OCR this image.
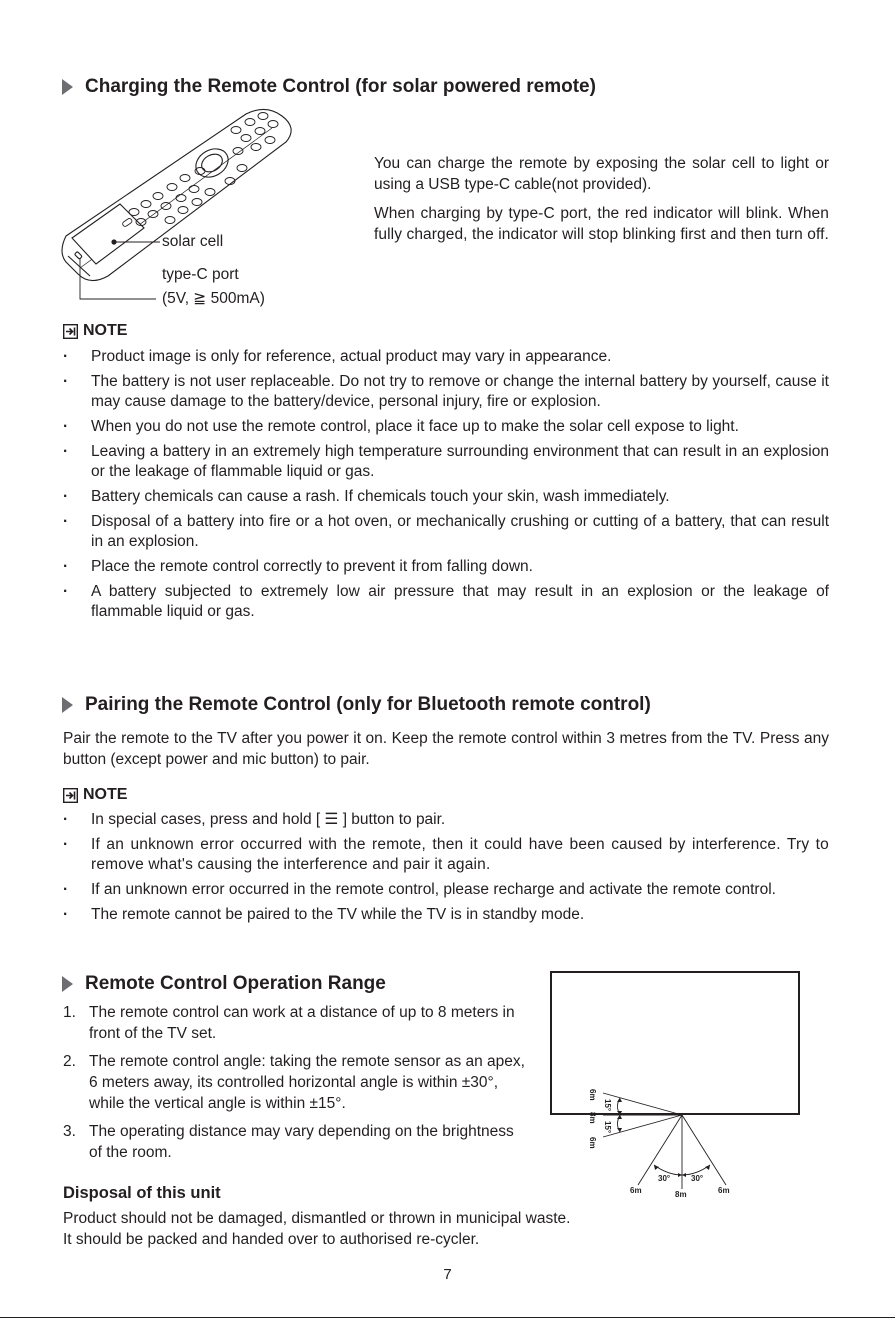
Charging the Remote Control (for solar powered remote)
solar cell
type-C port
(5V, ≧ 500mA)
You can charge the remote by exposing the solar cell to light or using a USB type-C cable(not provided).
When charging by type-C port, the red indicator will blink. When fully charged, the indicator will stop blinking first and then turn off.
NOTE
· Product image is only for reference, actual product may vary in appearance.
· The battery is not user replaceable. Do not try to remove or change the internal battery by yourself, cause it may cause damage to the battery/device, personal injury, fire or explosion.
· When you do not use the remote control, place it face up to make the solar cell expose to light.
· Leaving a battery in an extremely high temperature surrounding environment that can result in an explosion or the leakage of flammable liquid or gas.
· Battery chemicals can cause a rash. If chemicals touch your skin, wash immediately.
· Disposal of a battery into fire or a hot oven, or mechanically crushing or cutting of a battery, that can result in an explosion.
· Place the remote control correctly to prevent it from falling down.
· A battery subjected to extremely low air pressure that may result in an explosion or the leakage of flammable liquid or gas.
Pairing the Remote Control (only for Bluetooth remote control)
Pair the remote to the TV after you power it on. Keep the remote control within 3 metres from the TV. Press any button (except power and mic button) to pair.
NOTE
· In special cases, press and hold [ ☰ ] button to pair.
· If an unknown error occurred with the remote, then it could have been caused by interference. Try to remove what's causing the interference and pair it again.
· If an unknown error occurred in the remote control, please recharge and activate the remote control.
· The remote cannot be paired to the TV while the TV is in standby mode.
Remote Control Operation Range
1. The remote control can work at a distance of up to 8 meters in front of the TV set.
2. The remote control angle: taking the remote sensor as an apex, 6 meters away, its controlled horizontal angle is within ±30°, while the vertical angle is within ±15°.
3. The operating distance may vary depending on the brightness of the room.
6m
15°
8m
15°
6m
30°	30°
6m	8m	6m
Disposal of this unit
Product should not be damaged, dismantled or thrown in municipal waste.
It should be packed and handed over to authorised re-cycler.
7
